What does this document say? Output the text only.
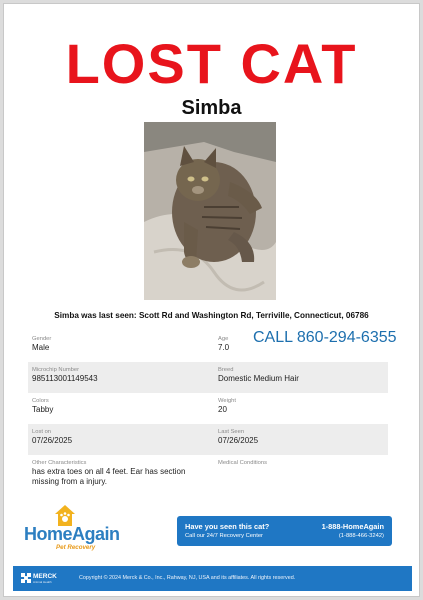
LOST CAT
Simba
Simba was last seen: Scott Rd and Washington Rd, Terriville, Connecticut, 06786
CALL 860-294-6355
Gender
Male
Age
7.0
Microchip Number
985113001149543
Breed
Domestic Medium Hair
Colors
Tabby
Weight
20
Lost on
07/26/2025
Last Seen
07/26/2025
Other Characteristics
has extra toes on all 4 feet. Ear has section missing from a injury.
Medical Conditions
HomeAgain
Pet Recovery
Have you seen this cat?
Call our 24/7 Recovery Center
1-888-HomeAgain
(1-888-466-3242)
MERCK
Animal Health
Copyright © 2024 Merck & Co., Inc., Rahway, NJ, USA and its affiliates. All rights reserved.
